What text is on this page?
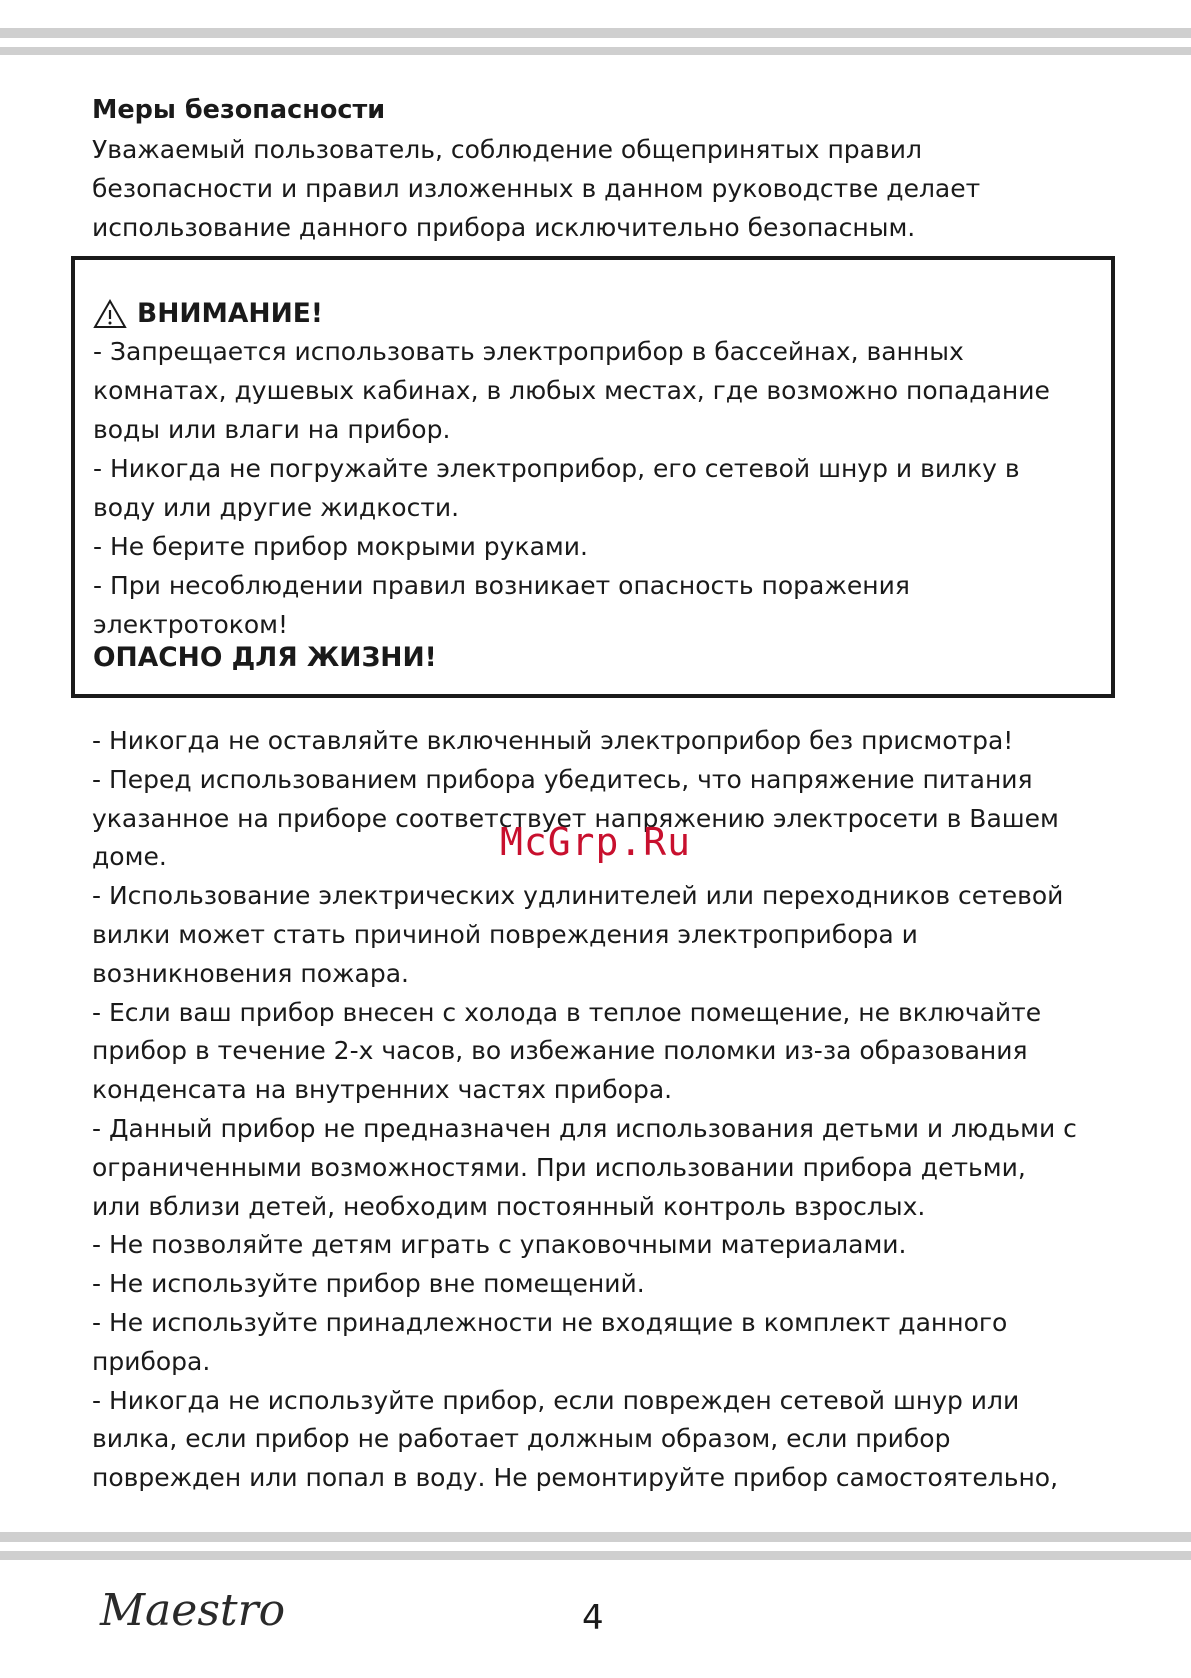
Меры безопасности

Уважаемый пользователь, соблюдение общепринятых правил

безопасности и правил изложенных в данном руководстве делает

использование данного прибора исключительно безопасным.

ВНИМАНИЕ!

- Запрещается использовать электроприбор в бассейнах, ванных

комнатах, душевых кабинах, в любых местах, где возможно попадание

воды или влаги на прибор.

- Никогда не погружайте электроприбор, его сетевой шнур и вилку в

воду или другие жидкости.

- Не берите прибор мокрыми руками.

- При несоблюдении правил возникает опасность поражения

электротоком!

ОПАСНО ДЛЯ ЖИЗНИ!

- Никогда не оставляйте включенный электроприбор без присмотра!

- Перед использованием прибора убедитесь, что напряжение питания

указанное на приборе соответствует напряжению электросети в Вашем

доме.

- Использование электрических удлинителей или переходников сетевой

вилки может стать причиной повреждения электроприбора и

возникновения пожара.

- Если ваш прибор внесен с холода в теплое помещение, не включайте

прибор в течение 2-х часов, во избежание поломки из-за образования

конденсата на внутренних частях прибора.

- Данный прибор не предназначен для использования детьми и людьми с

ограниченными возможностями. При использовании прибора детьми,

или вблизи детей, необходим постоянный контроль взрослых.

- Не позволяйте детям играть с упаковочными материалами.

- Не используйте прибор вне помещений.

- Не используйте принадлежности не входящие в комплект данного

прибора.

- Никогда не используйте прибор, если поврежден сетевой шнур или

вилка, если прибор не работает должным образом, если прибор

поврежден или попал в воду. Не ремонтируйте прибор самостоятельно,

McGrp.Ru
Maestro	4
